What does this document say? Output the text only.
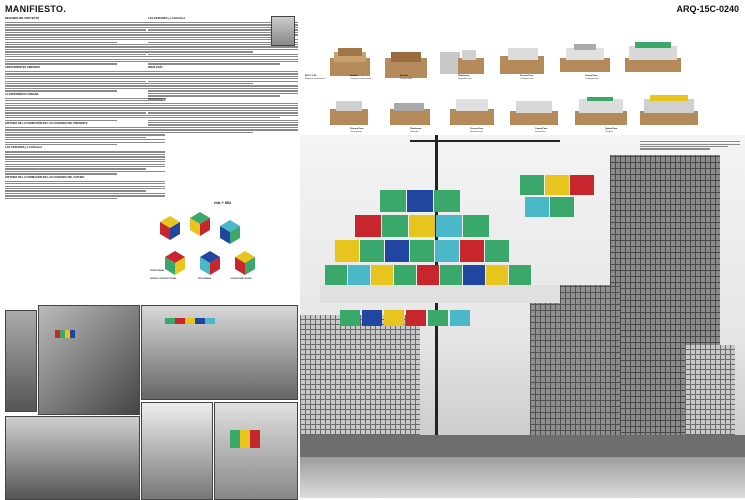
MANIFIESTO.	ARQ-15C-0240
RESUMEN DEL PROYECTO
ANTECEDENTES URBANOS
LA EXPERIENCIA URBANA
HISTORIA DE LA FORMACIÓN DE LAS CIUDADES DEL PRESENTE
LAS CIUDADES y LA ESCALA
HISTORIA DE LA FORMACIÓN DE LAS CIUDADES DEL FUTURO
LAS CIUDADES y LA ESCALA
IDEOLOGÍA
DESARROLLO
BOLO 1:50
Maqueta volumétrica
Modelo
Conjunto habitacional
Estudio
Primera fase
Plataforma
Segunda fase
Tercera Fase
Configuración
Cuarta Fase
Configuración
Primera Fase
Crecimiento
Plataforma
Vivienda
Tercera Fase
Densificación
Cuarta Fase
Saturación
Quinta Fase
Colapso
rhb + IB2
MODELO ESTRUCTURAL	PROGRAMA	CONFIGURACIONES
TERRITORIAL
